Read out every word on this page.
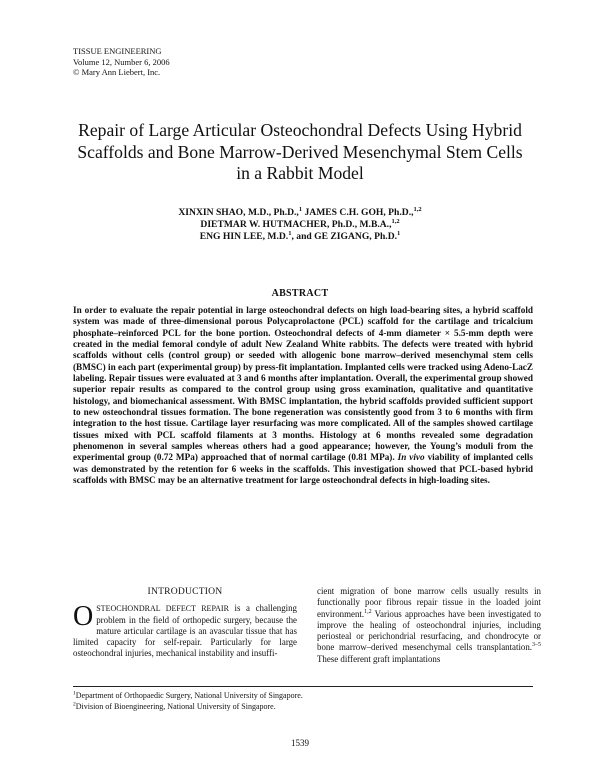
TISSUE ENGINEERING
Volume 12, Number 6, 2006
© Mary Ann Liebert, Inc.
Repair of Large Articular Osteochondral Defects Using Hybrid
Scaffolds and Bone Marrow-Derived Mesenchymal Stem Cells
in a Rabbit Model
XINXIN SHAO, M.D., Ph.D.,$^1$ JAMES C.H. GOH, Ph.D.,$^{1,2}$
DIETMAR W. HUTMACHER, Ph.D., M.B.A.,$^{1,2}$
ENG HIN LEE, M.D.$^1$, and GE ZIGANG, Ph.D.$^1$
ABSTRACT
In order to evaluate the repair potential in large osteochondral defects on high load-bearing sites, a hybrid scaffold system was made of three-dimensional porous Polycaprolactone (PCL) scaffold for the cartilage and tricalcium phosphate–reinforced PCL for the bone portion. Osteochondral defects of 4-mm diameter × 5.5-mm depth were created in the medial femoral condyle of adult New Zealand White rabbits. The defects were treated with hybrid scaffolds without cells (control group) or seeded with allogenic bone marrow–derived mesenchymal stem cells (BMSC) in each part (experimental group) by press-fit implantation. Implanted cells were tracked using Adeno-LacZ labeling. Repair tissues were evaluated at 3 and 6 months after implantation. Overall, the experimental group showed superior repair results as compared to the control group using gross examination, qualitative and quantitative histology, and biomechanical assessment. With BMSC implantation, the hybrid scaffolds provided sufficient support to new osteochondral tissues formation. The bone regeneration was consistently good from 3 to 6 months with firm integration to the host tissue. Cartilage layer resurfacing was more complicated. All of the samples showed cartilage tissues mixed with PCL scaffold filaments at 3 months. Histology at 6 months revealed some degradation phenomenon in several samples whereas others had a good appearance; however, the Young’s moduli from the experimental group (0.72 MPa) approached that of normal cartilage (0.81 MPa). In vivo viability of implanted cells was demonstrated by the retention for 6 weeks in the scaffolds. This investigation showed that PCL-based hybrid scaffolds with BMSC may be an alternative treatment for large osteochondral defects in high-loading sites.
INTRODUCTION
O STEOCHONDRAL DEFECT REPAIR is a challenging problem in the field of orthopedic surgery, because the mature articular cartilage is an avascular tissue that has limited capacity for self-repair. Particularly for large osteochondral injuries, mechanical instability and insuffi-
cient migration of bone marrow cells usually results in functionally poor fibrous repair tissue in the loaded joint environment.$^{1,2}$ Various approaches have been investigated to improve the healing of osteochondral injuries, including periosteal or perichondrial resurfacing, and chondrocyte or bone marrow–derived mesenchymal cells transplantation.$^{3-5}$ These different graft implantations
$^1$Department of Orthopaedic Surgery, National University of Singapore.
$^2$Division of Bioengineering, National University of Singapore.
1539
